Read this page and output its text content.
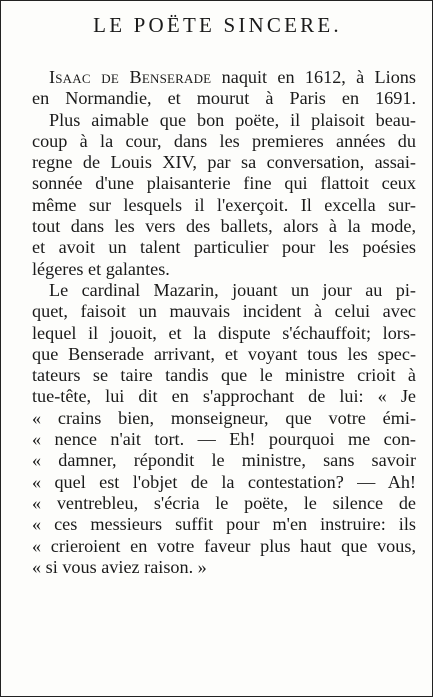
LE POËTE SINCERE.
Isaac de Benserade naquit en 1612, à Lions
en Normandie, et mourut à Paris en 1691.
Plus aimable que bon poëte, il plaisoit beau-
coup à la cour, dans les premieres années du
regne de Louis XIV, par sa conversation, assai-
sonnée d'une plaisanterie fine qui flattoit ceux
même sur lesquels il l'exerçoit. Il excella sur-
tout dans les vers des ballets, alors à la mode,
et avoit un talent particulier pour les poésies
légeres et galantes.
Le cardinal Mazarin, jouant un jour au pi-
quet, faisoit un mauvais incident à celui avec
lequel il jouoit, et la dispute s'échauffoit; lors-
que Benserade arrivant, et voyant tous les spec-
tateurs se taire tandis que le ministre crioit à
tue-tête, lui dit en s'approchant de lui: « Je
« crains bien, monseigneur, que votre émi-
« nence n'ait tort. — Eh! pourquoi me con-
« damner, répondit le ministre, sans savoir
« quel est l'objet de la contestation? — Ah!
« ventrebleu, s'écria le poëte, le silence de
« ces messieurs suffit pour m'en instruire: ils
« crieroient en votre faveur plus haut que vous,
« si vous aviez raison. »
